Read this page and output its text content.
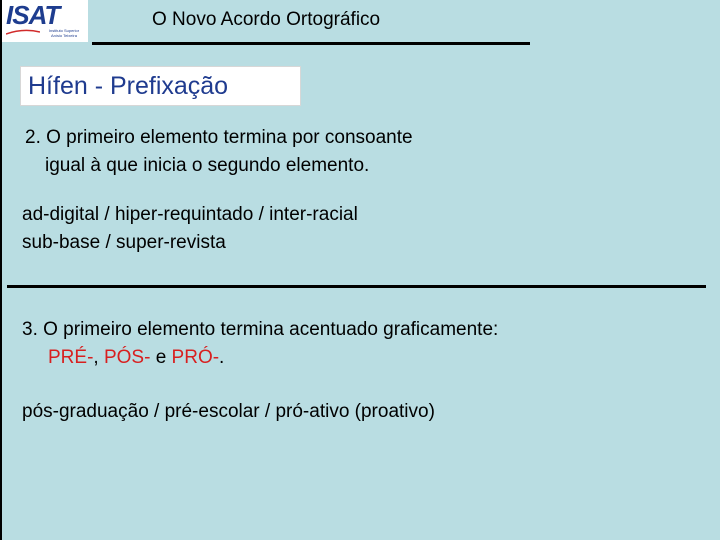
ISAT
Instituto Superior Anísio Teixeira
O Novo Acordo Ortográfico
Hífen - Prefixação
2. O primeiro elemento termina por consoante
igual à que inicia o segundo elemento.
ad-digital / hiper-requintado / inter-racial
sub-base / super-revista
3. O primeiro elemento termina acentuado graficamente:
PRÉ-, PÓS- e PRÓ-.
pós-graduação / pré-escolar / pró-ativo (proativo)
